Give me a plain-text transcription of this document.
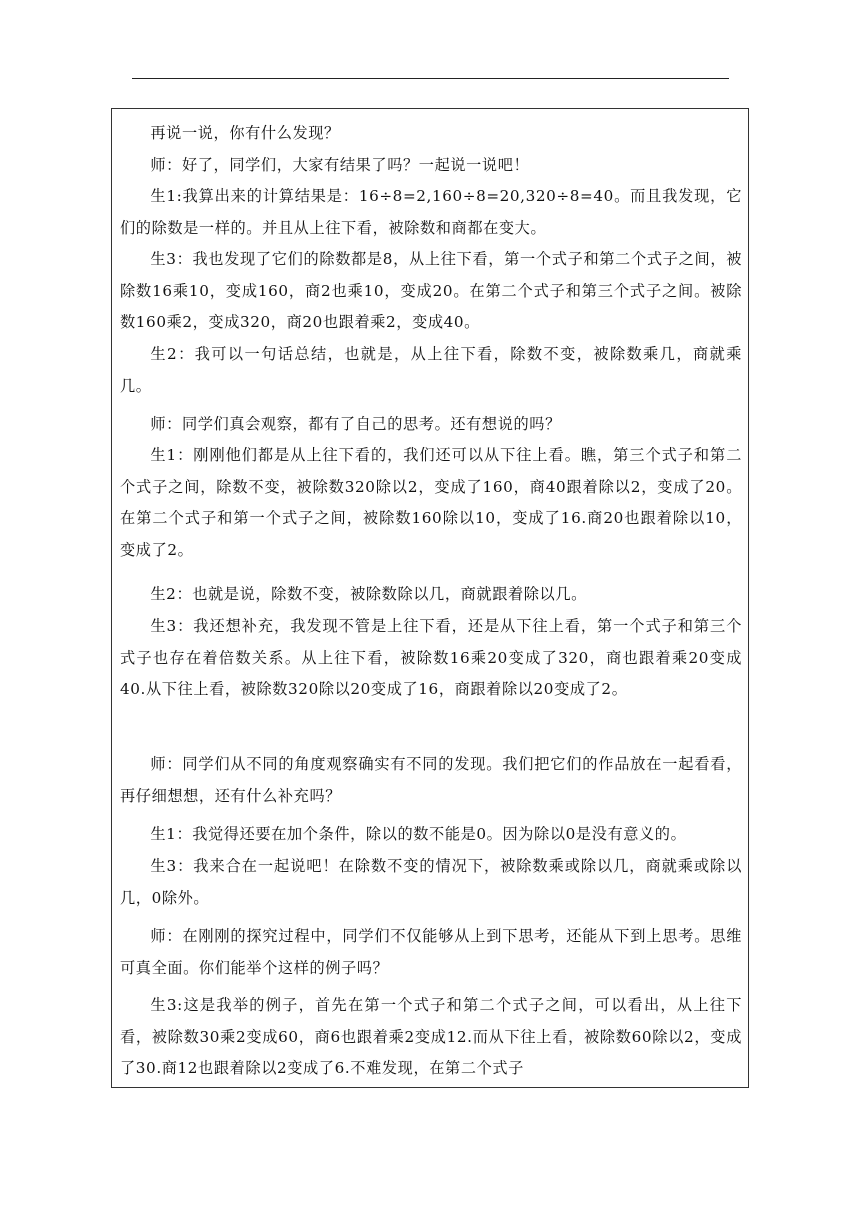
再说一说，你有什么发现？

师：好了，同学们，大家有结果了吗？一起说一说吧！

生1:我算出来的计算结果是：16÷8=2,160÷8=20,320÷8=40。而且我发现，它们的除数是一样的。并且从上往下看，被除数和商都在变大。

生3：我也发现了它们的除数都是8，从上往下看，第一个式子和第二个式子之间，被除数16乘10，变成160，商2也乘10，变成20。在第二个式子和第三个式子之间。被除数160乘2，变成320，商20也跟着乘2，变成40。

生2：我可以一句话总结，也就是，从上往下看，除数不变，被除数乘几，商就乘几。

师：同学们真会观察，都有了自己的思考。还有想说的吗？

生1：刚刚他们都是从上往下看的，我们还可以从下往上看。瞧，第三个式子和第二个式子之间，除数不变，被除数320除以2，变成了160，商40跟着除以2，变成了20。在第二个式子和第一个式子之间，被除数160除以10，变成了16.商20也跟着除以10，变成了2。

生2：也就是说，除数不变，被除数除以几，商就跟着除以几。

生3：我还想补充，我发现不管是上往下看，还是从下往上看，第一个式子和第三个式子也存在着倍数关系。从上往下看，被除数16乘20变成了320，商也跟着乘20变成40.从下往上看，被除数320除以20变成了16，商跟着除以20变成了2。

师：同学们从不同的角度观察确实有不同的发现。我们把它们的作品放在一起看看，再仔细想想，还有什么补充吗？

生1：我觉得还要在加个条件，除以的数不能是0。因为除以0是没有意义的。

生3：我来合在一起说吧！在除数不变的情况下，被除数乘或除以几，商就乘或除以几，0除外。

师：在刚刚的探究过程中，同学们不仅能够从上到下思考，还能从下到上思考。思维可真全面。你们能举个这样的例子吗？

生3:这是我举的例子，首先在第一个式子和第二个式子之间，可以看出，从上往下看，被除数30乘2变成60，商6也跟着乘2变成12.而从下往上看，被除数60除以2，变成了30.商12也跟着除以2变成了6.不难发现，在第二个式子
